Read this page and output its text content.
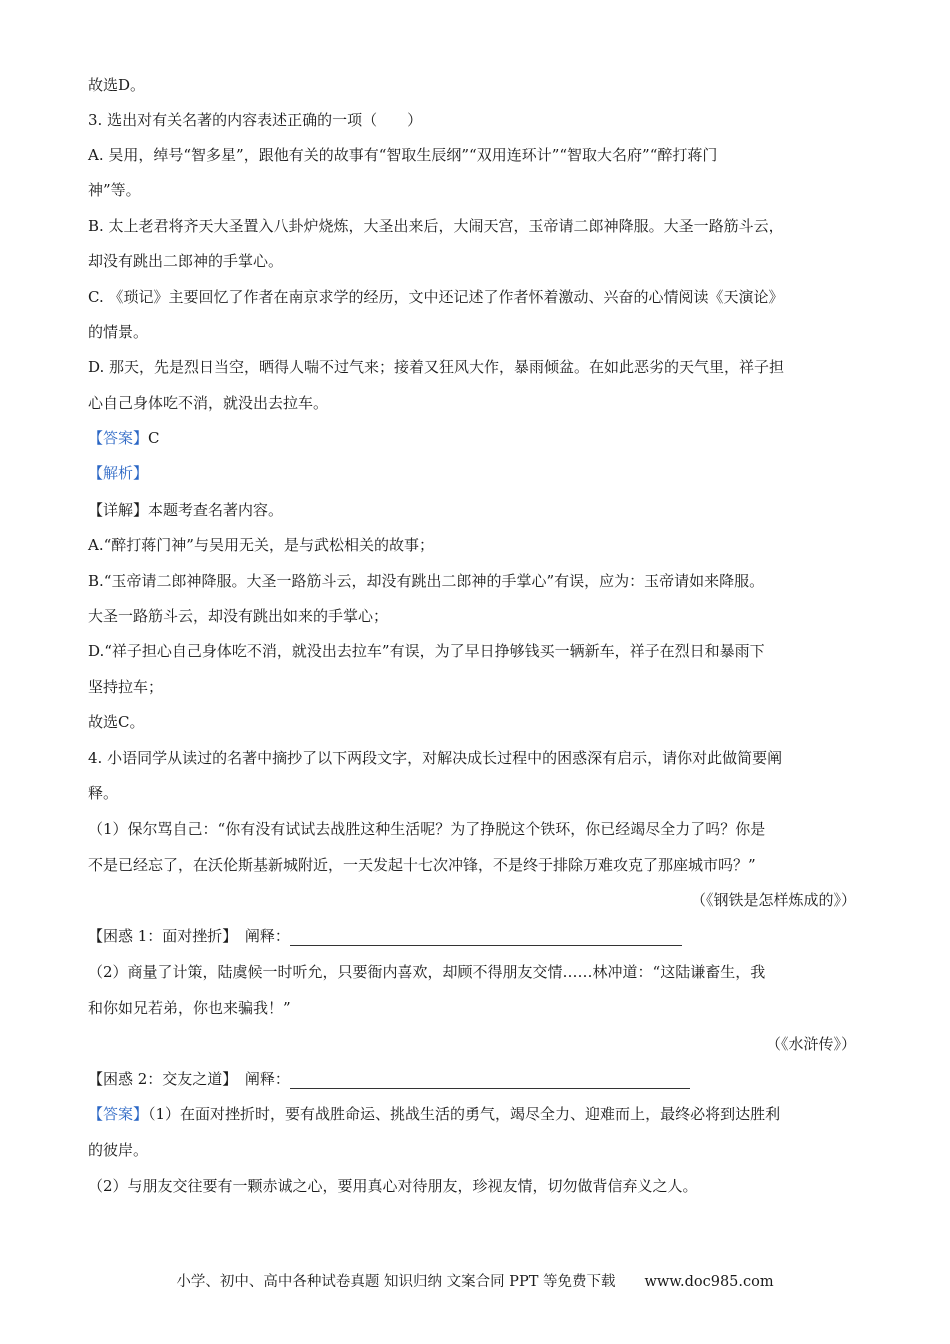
故选D。
3. 选出对有关名著的内容表述正确的一项（　　）
A. 吴用，绰号“智多星”，跟他有关的故事有“智取生辰纲”“双用连环计”“智取大名府”“醉打蒋门
神”等。
B. 太上老君将齐天大圣置入八卦炉烧炼，大圣出来后，大闹天宫，玉帝请二郎神降服。大圣一路筋斗云，
却没有跳出二郎神的手掌心。
C. 《琐记》主要回忆了作者在南京求学的经历，文中还记述了作者怀着激动、兴奋的心情阅读《天演论》
的情景。
D. 那天，先是烈日当空，晒得人喘不过气来；接着又狂风大作，暴雨倾盆。在如此恶劣的天气里，祥子担
心自己身体吃不消，就没出去拉车。
【答案】C
【解析】
【详解】本题考查名著内容。
A.“醉打蒋门神”与吴用无关，是与武松相关的故事；
B.“玉帝请二郎神降服。大圣一路筋斗云，却没有跳出二郎神的手掌心”有误，应为：玉帝请如来降服。
大圣一路筋斗云，却没有跳出如来的手掌心；
D.“祥子担心自己身体吃不消，就没出去拉车”有误，为了早日挣够钱买一辆新车，祥子在烈日和暴雨下
坚持拉车；
故选C。
4. 小语同学从读过的名著中摘抄了以下两段文字，对解决成长过程中的困惑深有启示，请你对此做简要阐
释。
（1）保尔骂自己：“你有没有试试去战胜这种生活呢？为了挣脱这个铁环，你已经竭尽全力了吗？你是
不是已经忘了，在沃伦斯基新城附近，一天发起十七次冲锋，不是终于排除万难攻克了那座城市吗？”
（《钢铁是怎样炼成的》）
【困惑 1：面对挫折】　阐释：
（2）商量了计策，陆虞候一时听允，只要衙内喜欢，却顾不得朋友交情……林冲道：“这陆谦畜生，我
和你如兄若弟，你也来骗我！”
（《水浒传》）
【困惑 2：交友之道】　阐释：
【答案】（1）在面对挫折时，要有战胜命运、挑战生活的勇气，竭尽全力、迎难而上，最终必将到达胜利
的彼岸。
（2）与朋友交往要有一颗赤诚之心，要用真心对待朋友，珍视友情，切勿做背信弃义之人。
小学、初中、高中各种试卷真题 知识归纳 文案合同 PPT 等免费下载　　www.doc985.com
